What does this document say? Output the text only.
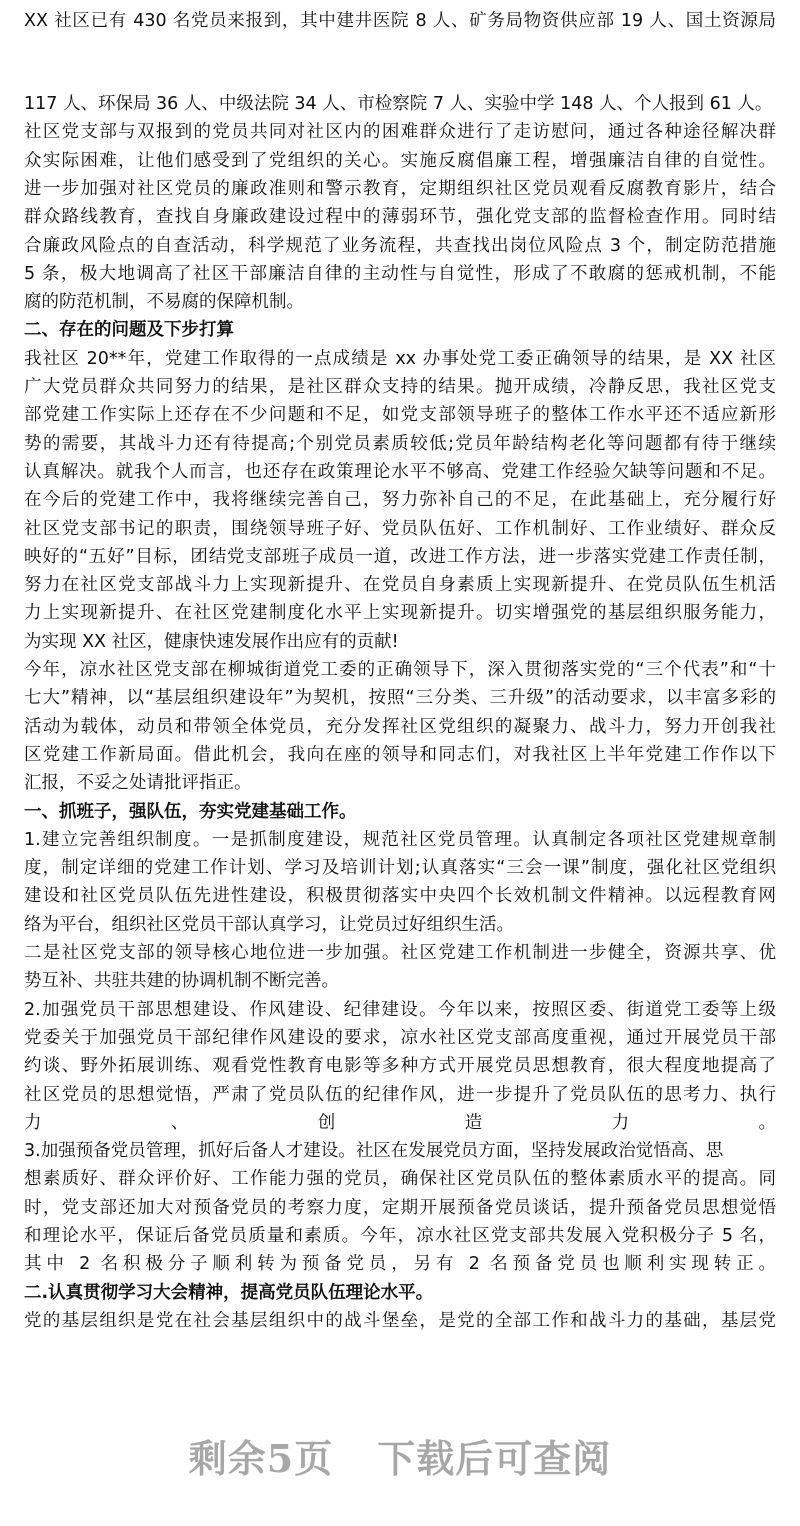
XX 社区已有 430 名党员来报到，其中建井医院 8 人、矿务局物资供应部 19 人、国土资源局
117 人、环保局 36 人、中级法院 34 人、市检察院 7 人、实验中学 148 人、个人报到 61 人。
社区党支部与双报到的党员共同对社区内的困难群众进行了走访慰问，通过各种途径解决群
众实际困难，让他们感受到了党组织的关心。实施反腐倡廉工程，增强廉洁自律的自觉性。
进一步加强对社区党员的廉政准则和警示教育，定期组织社区党员观看反腐教育影片，结合
群众路线教育，查找自身廉政建设过程中的薄弱环节，强化党支部的监督检查作用。同时结
合廉政风险点的自查活动，科学规范了业务流程，共查找出岗位风险点 3 个，制定防范措施
5 条，极大地调高了社区干部廉洁自律的主动性与自觉性，形成了不敢腐的惩戒机制，不能
腐的防范机制，不易腐的保障机制。
二、存在的问题及下步打算
我社区 20**年，党建工作取得的一点成绩是 xx 办事处党工委正确领导的结果，是 XX 社区
广大党员群众共同努力的结果，是社区群众支持的结果。抛开成绩，冷静反思，我社区党支
部党建工作实际上还存在不少问题和不足，如党支部领导班子的整体工作水平还不适应新形
势的需要，其战斗力还有待提高;个别党员素质较低;党员年龄结构老化等问题都有待于继续
认真解决。就我个人而言，也还存在政策理论水平不够高、党建工作经验欠缺等问题和不足。
在今后的党建工作中，我将继续完善自己，努力弥补自己的不足，在此基础上，充分履行好
社区党支部书记的职责，围绕领导班子好、党员队伍好、工作机制好、工作业绩好、群众反
映好的“五好”目标，团结党支部班子成员一道，改进工作方法，进一步落实党建工作责任制，
努力在社区党支部战斗力上实现新提升、在党员自身素质上实现新提升、在党员队伍生机活
力上实现新提升、在社区党建制度化水平上实现新提升。切实增强党的基层组织服务能力，
为实现 XX 社区，健康快速发展作出应有的贡献!
今年，凉水社区党支部在柳城街道党工委的正确领导下，深入贯彻落实党的“三个代表”和“十
七大”精神，以“基层组织建设年”为契机，按照“三分类、三升级”的活动要求，以丰富多彩的
活动为载体，动员和带领全体党员，充分发挥社区党组织的凝聚力、战斗力，努力开创我社
区党建工作新局面。借此机会，我向在座的领导和同志们，对我社区上半年党建工作作以下
汇报，不妥之处请批评指正。
一、抓班子，强队伍，夯实党建基础工作。
1.建立完善组织制度。一是抓制度建设，规范社区党员管理。认真制定各项社区党建规章制
度，制定详细的党建工作计划、学习及培训计划;认真落实“三会一课”制度，强化社区党组织
建设和社区党员队伍先进性建设，积极贯彻落实中央四个长效机制文件精神。以远程教育网
络为平台，组织社区党员干部认真学习，让党员过好组织生活。
二是社区党支部的领导核心地位进一步加强。社区党建工作机制进一步健全，资源共享、优
势互补、共驻共建的协调机制不断完善。
2.加强党员干部思想建设、作风建设、纪律建设。今年以来，按照区委、街道党工委等上级
党委关于加强党员干部纪律作风建设的要求，凉水社区党支部高度重视，通过开展党员干部
约谈、野外拓展训练、观看党性教育电影等多种方式开展党员思想教育，很大程度地提高了
社区党员的思想觉悟，严肃了党员队伍的纪律作风，进一步提升了党员队伍的思考力、执行
力、创造力。
3.加强预备党员管理，抓好后备人才建设。社区在发展党员方面，坚持发展政治觉悟高、思
想素质好、群众评价好、工作能力强的党员，确保社区党员队伍的整体素质水平的提高。同
时，党支部还加大对预备党员的考察力度，定期开展预备党员谈话，提升预备党员思想觉悟
和理论水平，保证后备党员质量和素质。今年，凉水社区党支部共发展入党积极分子 5 名，
其中 2 名积极分子顺利转为预备党员，另有 2 名预备党员也顺利实现转正。
二.认真贯彻学习大会精神，提高党员队伍理论水平。
党的基层组织是党在社会基层组织中的战斗堡垒，是党的全部工作和战斗力的基础，基层党
剩余5页 下载后可查阅
